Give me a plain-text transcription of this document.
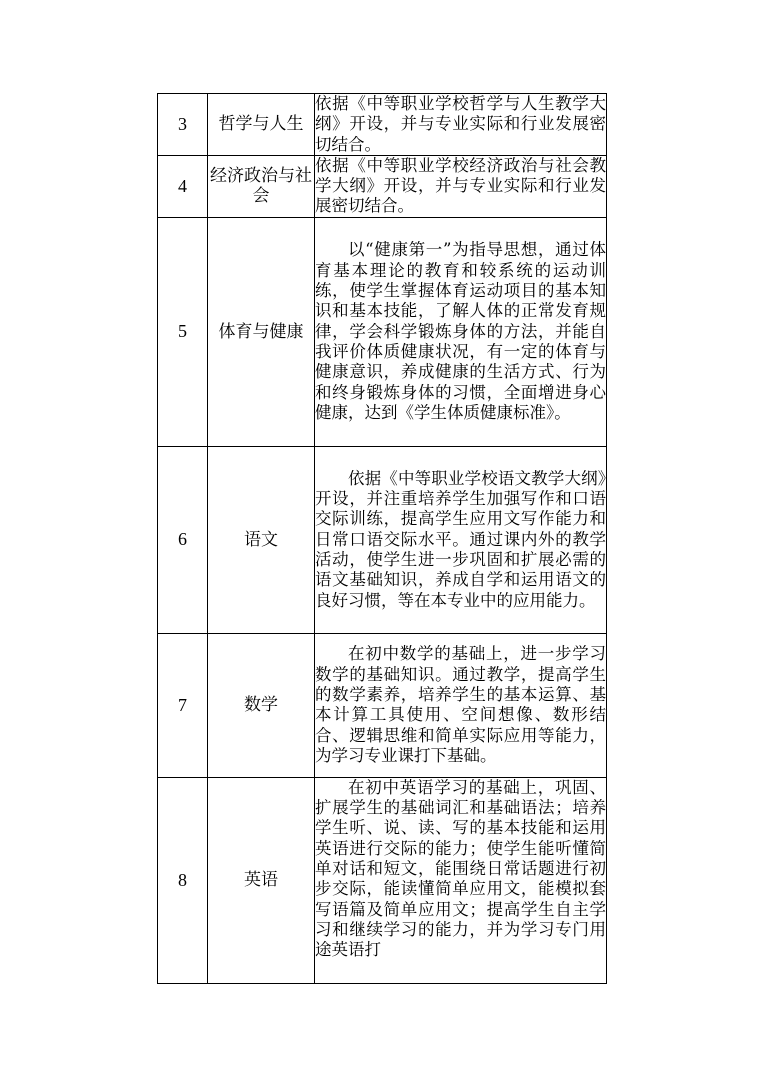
3	哲学与人生	依据《中等职业学校哲学与人生教学大纲》开设，并与专业实际和行业发展密切结合。
4	经济政治与社会	依据《中等职业学校经济政治与社会教学大纲》开设，并与专业实际和行业发展密切结合。
5	体育与健康	以“健康第一”为指导思想，通过体育基本理论的教育和较系统的运动训练，使学生掌握体育运动项目的基本知识和基本技能，了解人体的正常发育规律，学会科学锻炼身体的方法，并能自我评价体质健康状况，有一定的体育与健康意识，养成健康的生活方式、行为和终身锻炼身体的习惯，全面增进身心健康，达到《学生体质健康标准》。
6	语文	依据《中等职业学校语文教学大纲》开设，并注重培养学生加强写作和口语交际训练，提高学生应用文写作能力和日常口语交际水平。通过课内外的教学活动，使学生进一步巩固和扩展必需的语文基础知识，养成自学和运用语文的良好习惯，等在本专业中的应用能力。
7	数学	在初中数学的基础上，进一步学习数学的基础知识。通过教学，提高学生的数学素养，培养学生的基本运算、基本计算工具使用、空间想像、数形结合、逻辑思维和简单实际应用等能力，为学习专业课打下基础。
8	英语	在初中英语学习的基础上，巩固、扩展学生的基础词汇和基础语法；培养学生听、说、读、写的基本技能和运用英语进行交际的能力；使学生能听懂简单对话和短文，能围绕日常话题进行初步交际，能读懂简单应用文，能模拟套写语篇及简单应用文；提高学生自主学习和继续学习的能力，并为学习专门用途英语打
